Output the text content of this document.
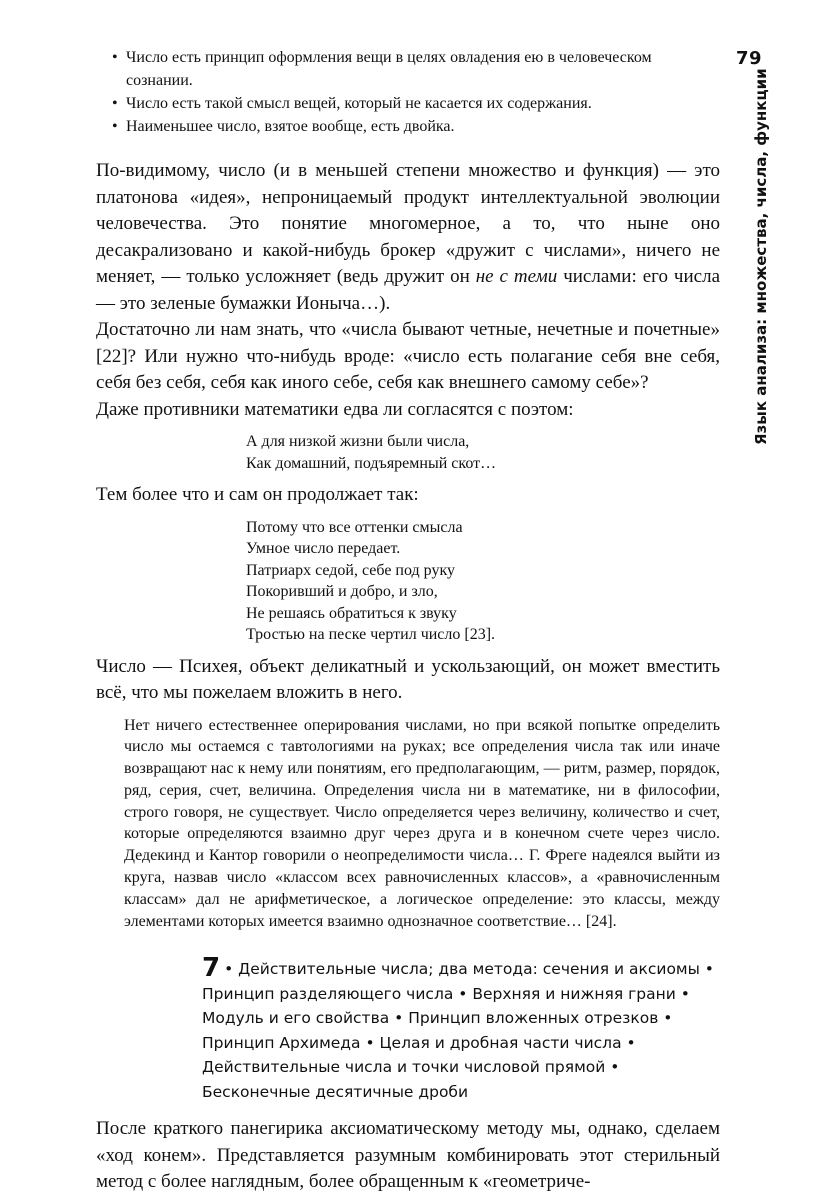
79
Язык анализа: множества, числа, функции
• Число есть принцип оформления вещи в целях овладения ею в человеческом сознании.
• Число есть такой смысл вещей, который не касается их содержания.
• Наименьшее число, взятое вообще, есть двойка.

По-видимому, число (и в меньшей степени множество и функция) — это платонова «идея», непроницаемый продукт интеллектуальной эволюции человечества. Это понятие многомерное, а то, что ныне оно десакрализовано и какой-нибудь брокер «дружит с числами», ничего не меняет, — только усложняет (ведь дружит он не с теми числами: его числа — это зеленые бумажки Ионыча…).

Достаточно ли нам знать, что «числа бывают четные, нечетные и почетные» [22]? Или нужно что-нибудь вроде: «число есть полагание себя вне себя, себя без себя, себя как иного себе, себя как внешнего самому себе»?

Даже противники математики едва ли согласятся с поэтом:

А для низкой жизни были числа,
Как домашний, подъяремный скот…

Тем более что и сам он продолжает так:

Потому что все оттенки смысла
Умное число передает.
Патриарх седой, себе под руку
Покоривший и добро, и зло,
Не решаясь обратиться к звуку
Тростью на песке чертил число [23].

Число — Психея, объект деликатный и ускользающий, он может вместить всё, что мы пожелаем вложить в него.

Нет ничего естественнее оперирования числами, но при всякой попытке определить число мы остаемся с тавтологиями на руках; все определения числа так или иначе возвращают нас к нему или понятиям, его предполагающим, — ритм, размер, порядок, ряд, серия, счет, величина. Определения числа ни в математике, ни в философии, строго говоря, не существует. Число определяется через величину, количество и счет, которые определяются взаимно друг через друга и в конечном счете через число. Дедекинд и Кантор говорили о неопределимости числа… Г. Фреге надеялся выйти из круга, назвав число «классом всех равночисленных классов», а «равночисленным классам» дал не арифметическое, а логическое определение: это классы, между элементами которых имеется взаимно однозначное соответствие… [24].
7 • Действительные числа; два метода: сечения и аксиомы • Принцип разделяющего числа • Верхняя и нижняя грани • Модуль и его свойства • Принцип вложенных отрезков • Принцип Архимеда • Целая и дробная части числа • Действительные числа и точки числовой прямой • Бесконечные десятичные дроби

После краткого панегирика аксиоматическому методу мы, однако, сделаем «ход конем». Представляется разумным комбинировать этот стерильный метод с более наглядным, более обращенным к «геометриче-
